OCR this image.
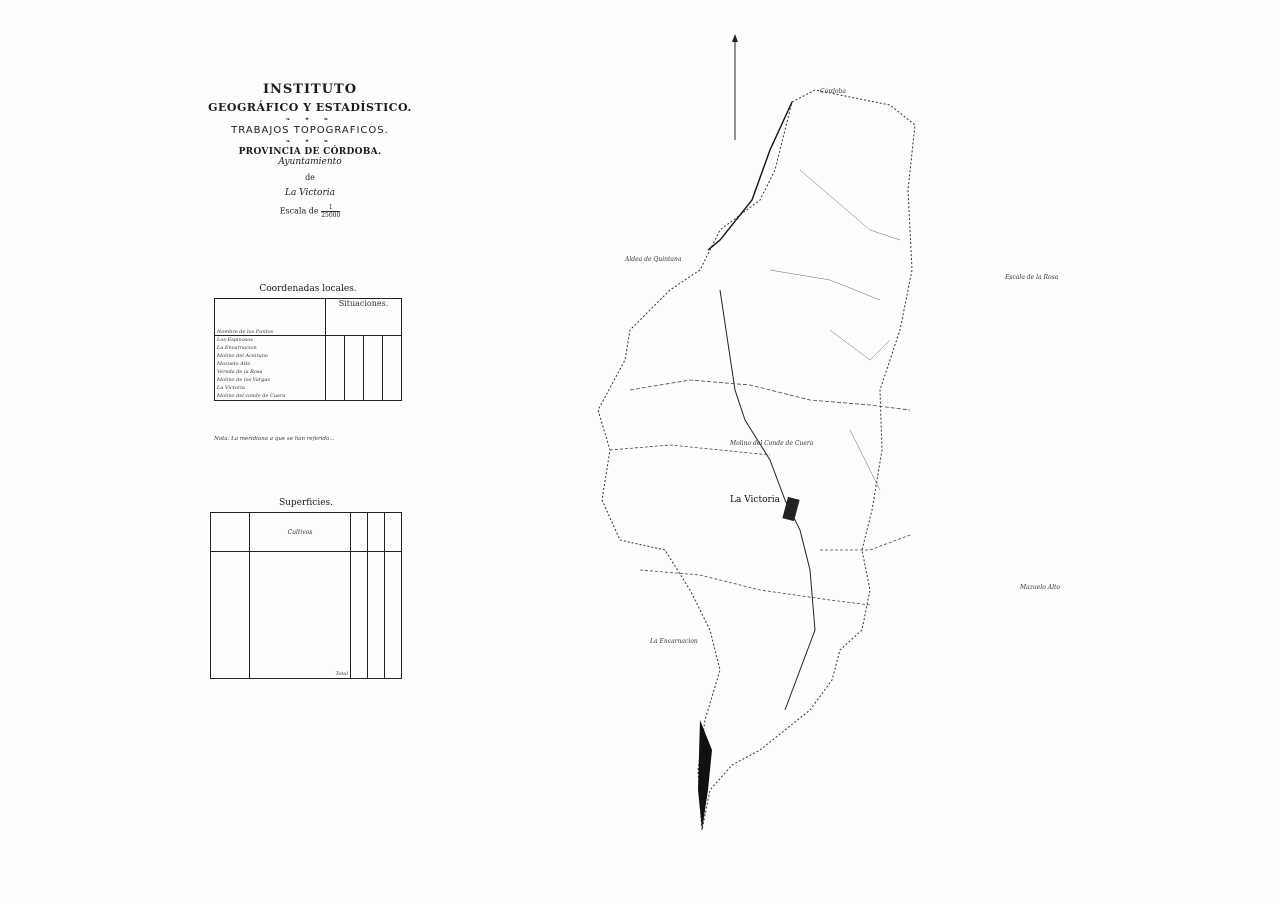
INSTITUTO
GEOGRÁFICO Y ESTADÍSTICO.
❧ ✦ ❧
TRABAJOS TOPOGRAFICOS.
❧ ✦ ❧
PROVINCIA DE CÓRDOBA.
Ayuntamiento
de
La Victoria
Escala de $\frac{1}{25000}$
Coordenadas locales.
Nombre de los Puntos	Situaciones.			
Los Espinosos				
La Encarnacion				
Molino del Aceituno				
Mazuelo Alto				
Vereda de la Rosa				
Molino de los Vargas				
La Victoria				
Molino del conde de Cuera				
Nota. La meridiana a que se han referido...
Superficies.
	Cultivos			

	Total			
Córdoba
Aldea de Quintana
Escala de la Rosa
Mazuelo Alto
Molino del Conde de Cuera
La Encarnacion
La Victoria
